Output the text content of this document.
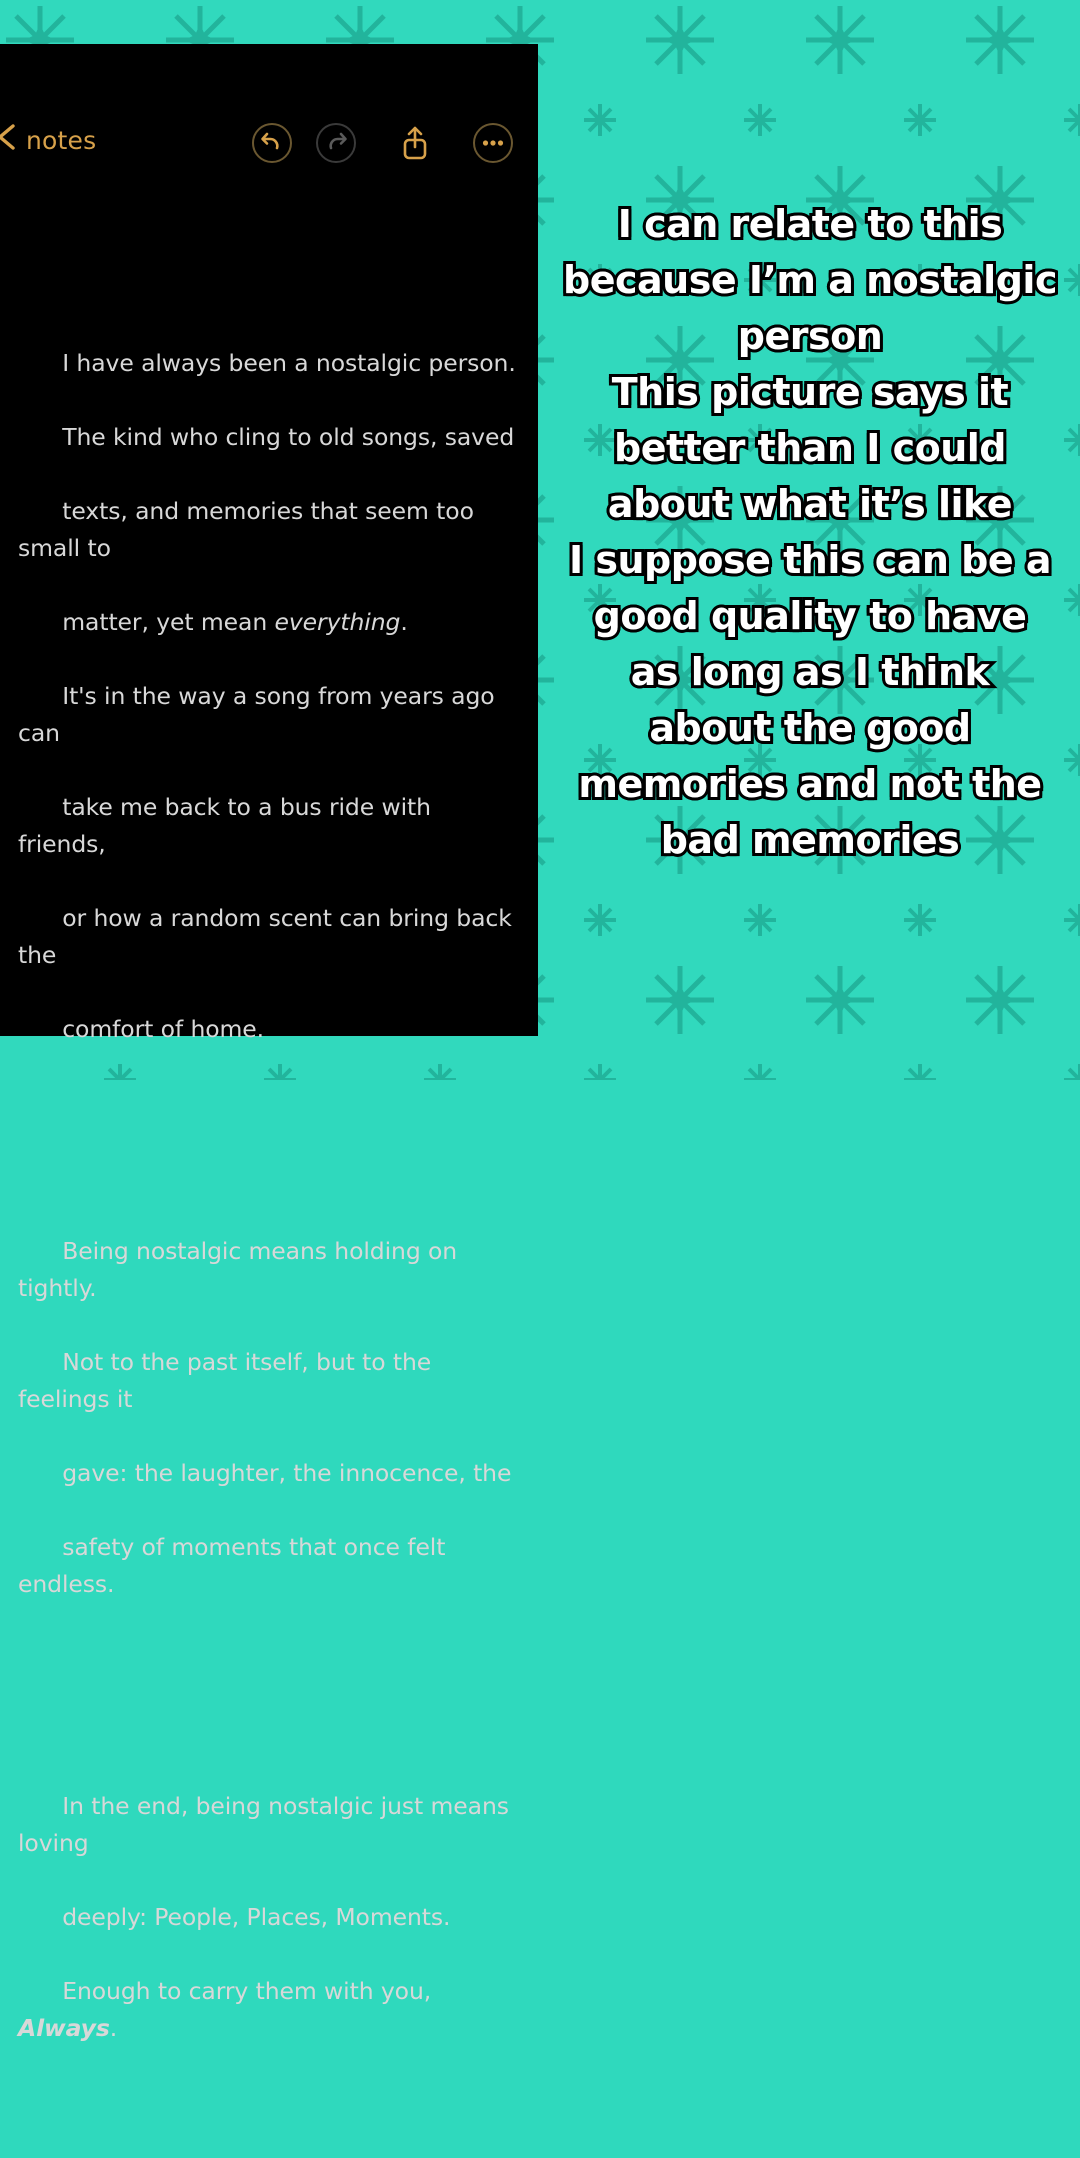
notes

I have always been a nostalgic person.

The kind who cling to old songs, saved

texts, and memories that seem too small to

matter, yet mean everything.

It's in the way a song from years ago can

take me back to a bus ride with friends,

or how a random scent can bring back the

comfort of home.

Being nostalgic means holding on tightly.

Not to the past itself, but to the feelings it

gave: the laughter, the innocence, the

safety of moments that once felt endless.

In the end, being nostalgic just means loving

deeply: People, Places, Moments.

Enough to carry them with you, Always.

I can relate to this
because I’m a nostalgic
person
This picture says it
better than I could
about what it’s like
I suppose this can be a
good quality to have
as long as I think
about the good
memories and not the
bad memories
